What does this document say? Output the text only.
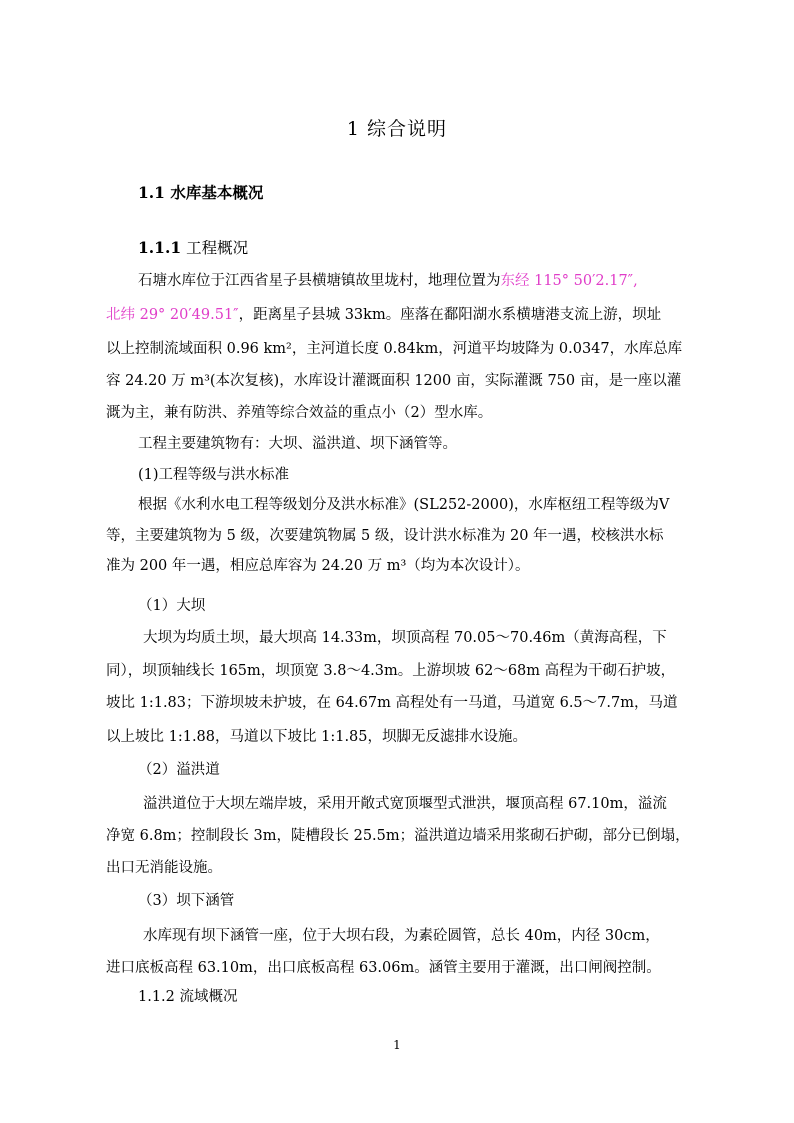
1 综合说明
1.1 水库基本概况
1.1.1 工程概况
石塘水库位于江西省星子县横塘镇故里垅村，地理位置为东经 115° 50′2.17″,
北纬 29° 20′49.51″，距离星子县城 33km。座落在鄱阳湖水系横塘港支流上游，坝址
以上控制流域面积 0.96 km²，主河道长度 0.84km，河道平均坡降为 0.0347，水库总库
容 24.20 万 m³(本次复核)，水库设计灌溉面积 1200 亩，实际灌溉 750 亩，是一座以灌
溉为主，兼有防洪、养殖等综合效益的重点小（2）型水库。
工程主要建筑物有：大坝、溢洪道、坝下涵管等。
(1)工程等级与洪水标准
根据《水利水电工程等级划分及洪水标准》(SL252-2000)，水库枢纽工程等级为Ⅴ
等，主要建筑物为 5 级，次要建筑物属 5 级，设计洪水标准为 20 年一遇，校核洪水标
准为 200 年一遇，相应总库容为 24.20 万 m³（均为本次设计）。
（1）大坝
大坝为均质土坝，最大坝高 14.33m，坝顶高程 70.05～70.46m（黄海高程，下
同），坝顶轴线长 165m，坝顶宽 3.8～4.3m。上游坝坡 62～68m 高程为干砌石护坡，
坡比 1:1.83；下游坝坡未护坡，在 64.67m 高程处有一马道，马道宽 6.5～7.7m，马道
以上坡比 1:1.88，马道以下坡比 1:1.85，坝脚无反滤排水设施。
（2）溢洪道
溢洪道位于大坝左端岸坡，采用开敞式宽顶堰型式泄洪，堰顶高程 67.10m，溢流
净宽 6.8m；控制段长 3m，陡槽段长 25.5m；溢洪道边墙采用浆砌石护砌，部分已倒塌，
出口无消能设施。
（3）坝下涵管
水库现有坝下涵管一座，位于大坝右段，为素砼圆管，总长 40m，内径 30cm，
进口底板高程 63.10m，出口底板高程 63.06m。涵管主要用于灌溉，出口闸阀控制。
1.1.2 流域概况
1
